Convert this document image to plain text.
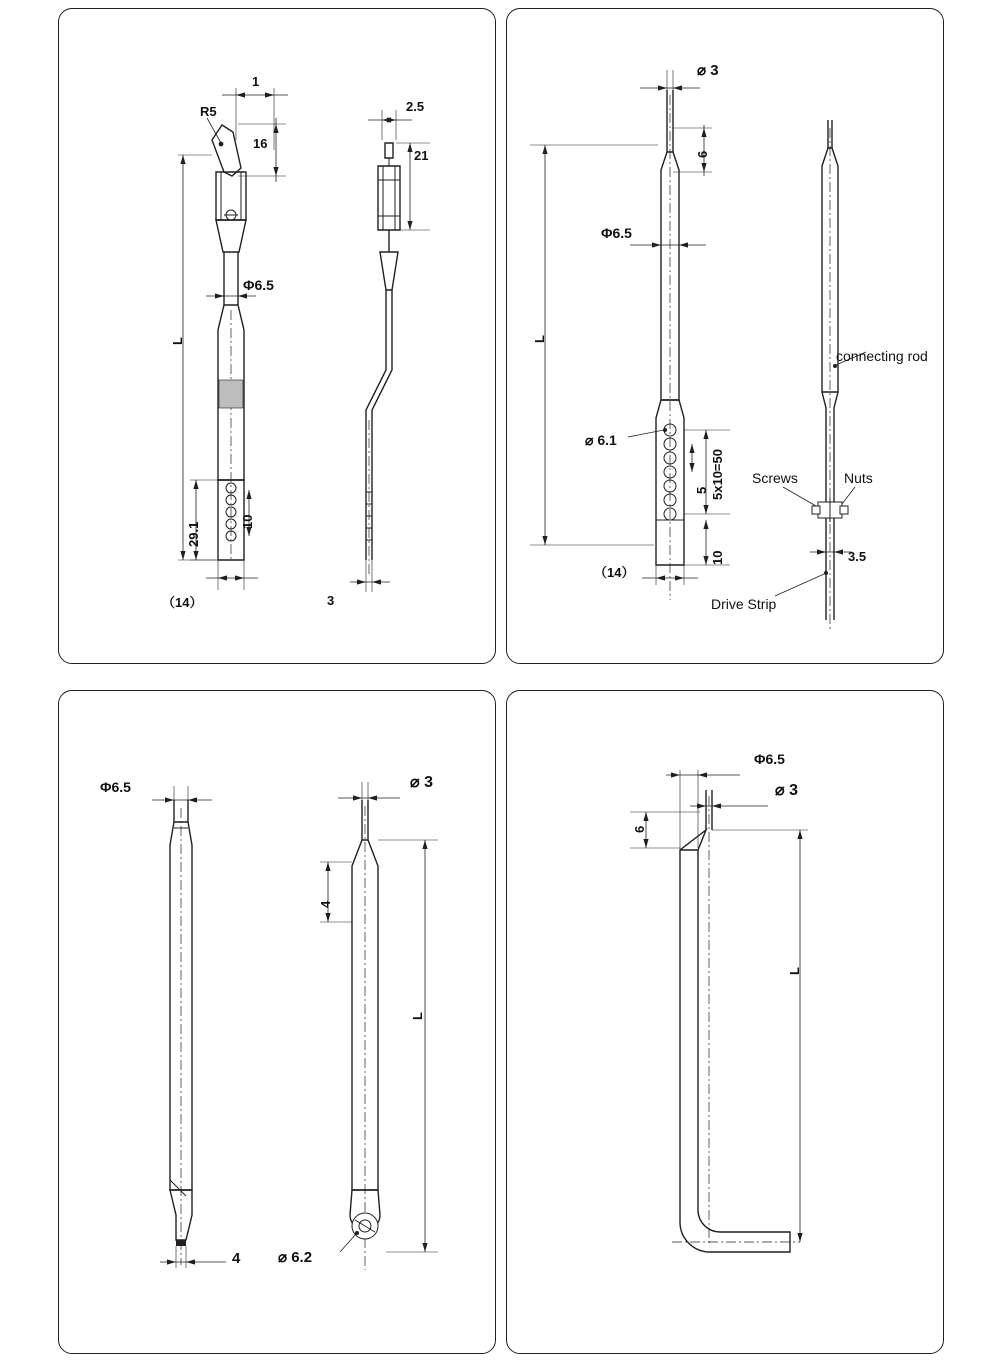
1
R5
16
2.5
21
Φ6.5
L
29.1	10
（14）	3
⌀ 3
6
Φ6.5
L
⌀ 6.1
5 5x10=50
10
（14）
connecting rod
Screws	Nuts
3.5
Drive Strip
Φ6.5	⌀ 3
4
L
4	⌀ 6.2
Φ6.5
⌀ 3
6
L
